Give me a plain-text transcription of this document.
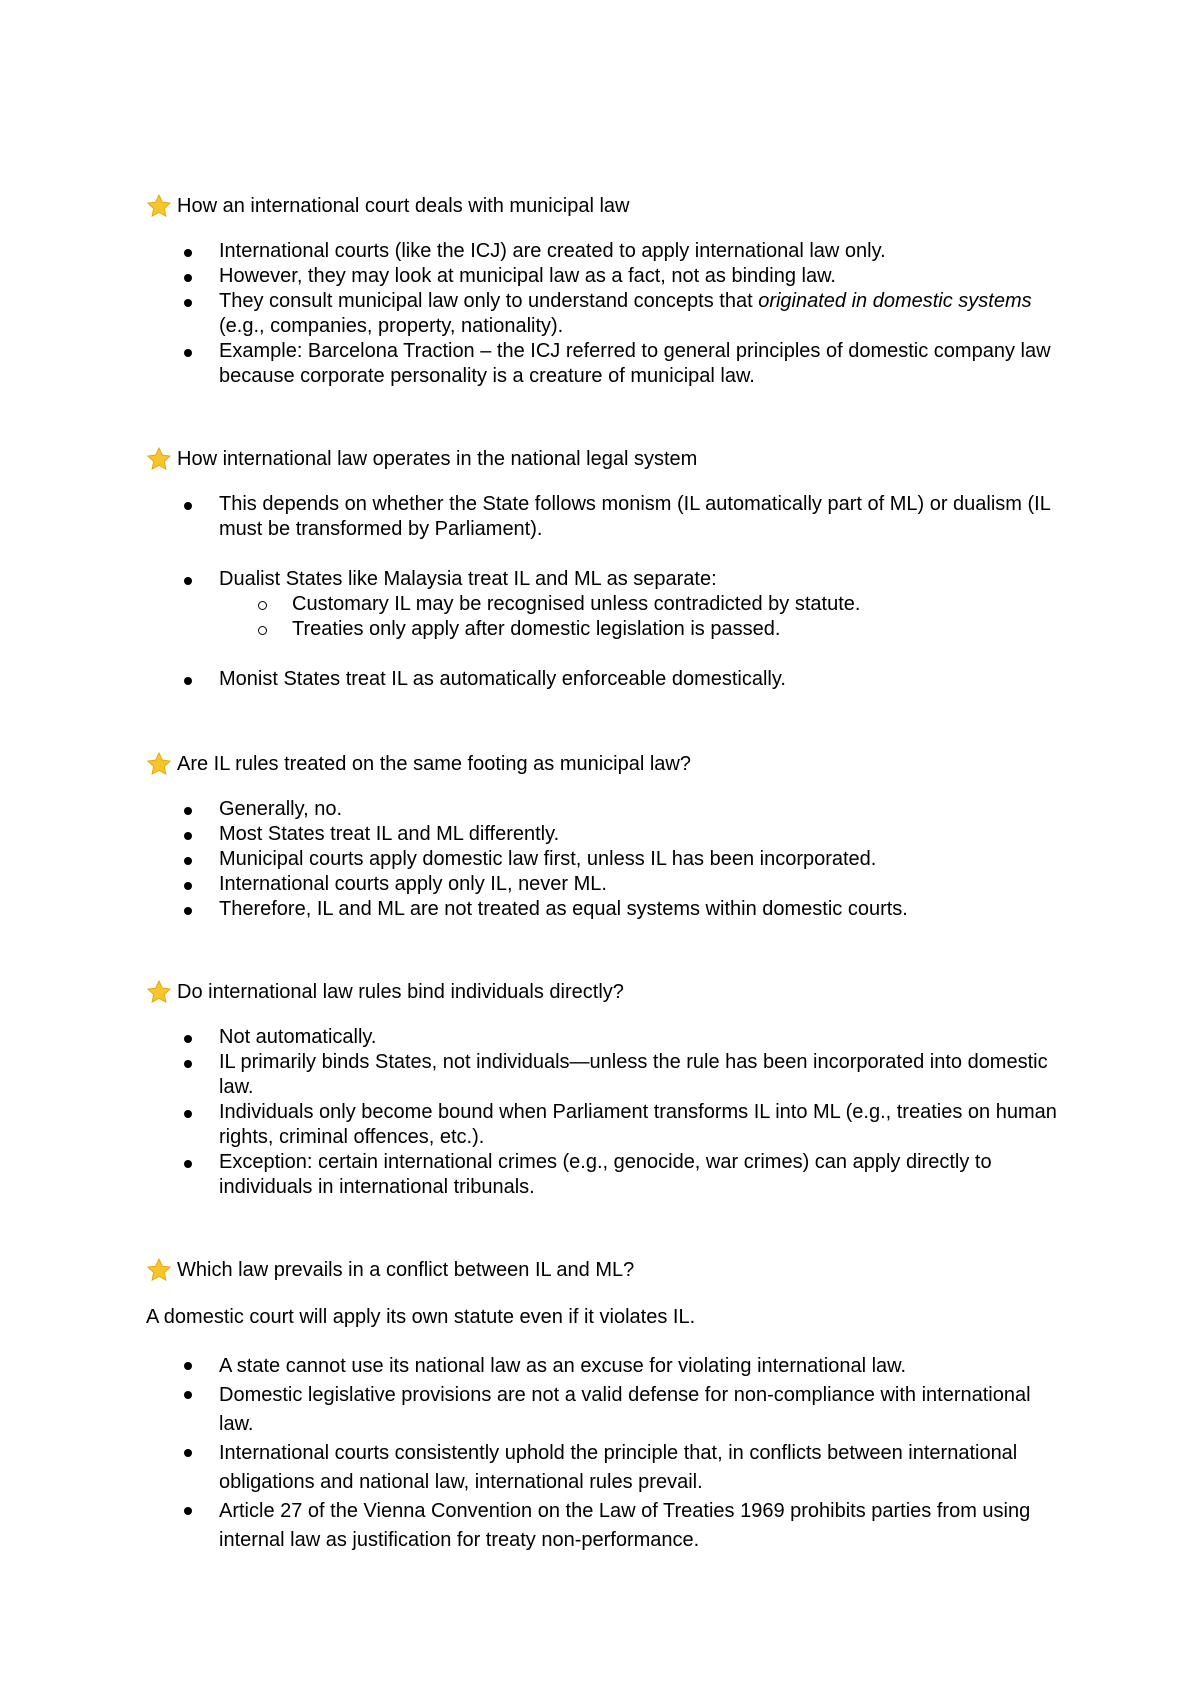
How an international court deals with municipal law
International courts (like the ICJ) are created to apply international law only.
However, they may look at municipal law as a fact, not as binding law.
They consult municipal law only to understand concepts that originated in domestic systems (e.g., companies, property, nationality).
Example: Barcelona Traction – the ICJ referred to general principles of domestic company law because corporate personality is a creature of municipal law.
How international law operates in the national legal system
This depends on whether the State follows monism (IL automatically part of ML) or dualism (IL must be transformed by Parliament).
Dualist States like Malaysia treat IL and ML as separate:
Customary IL may be recognised unless contradicted by statute.
Treaties only apply after domestic legislation is passed.
Monist States treat IL as automatically enforceable domestically.
Are IL rules treated on the same footing as municipal law?
Generally, no.
Most States treat IL and ML differently.
Municipal courts apply domestic law first, unless IL has been incorporated.
International courts apply only IL, never ML.
Therefore, IL and ML are not treated as equal systems within domestic courts.
Do international law rules bind individuals directly?
Not automatically.
IL primarily binds States, not individuals—unless the rule has been incorporated into domestic law.
Individuals only become bound when Parliament transforms IL into ML (e.g., treaties on human rights, criminal offences, etc.).
Exception: certain international crimes (e.g., genocide, war crimes) can apply directly to individuals in international tribunals.
Which law prevails in a conflict between IL and ML?

A domestic court will apply its own statute even if it violates IL.

A state cannot use its national law as an excuse for violating international law.
Domestic legislative provisions are not a valid defense for non-compliance with international law.
International courts consistently uphold the principle that, in conflicts between international obligations and national law, international rules prevail.
Article 27 of the Vienna Convention on the Law of Treaties 1969 prohibits parties from using internal law as justification for treaty non-performance.
